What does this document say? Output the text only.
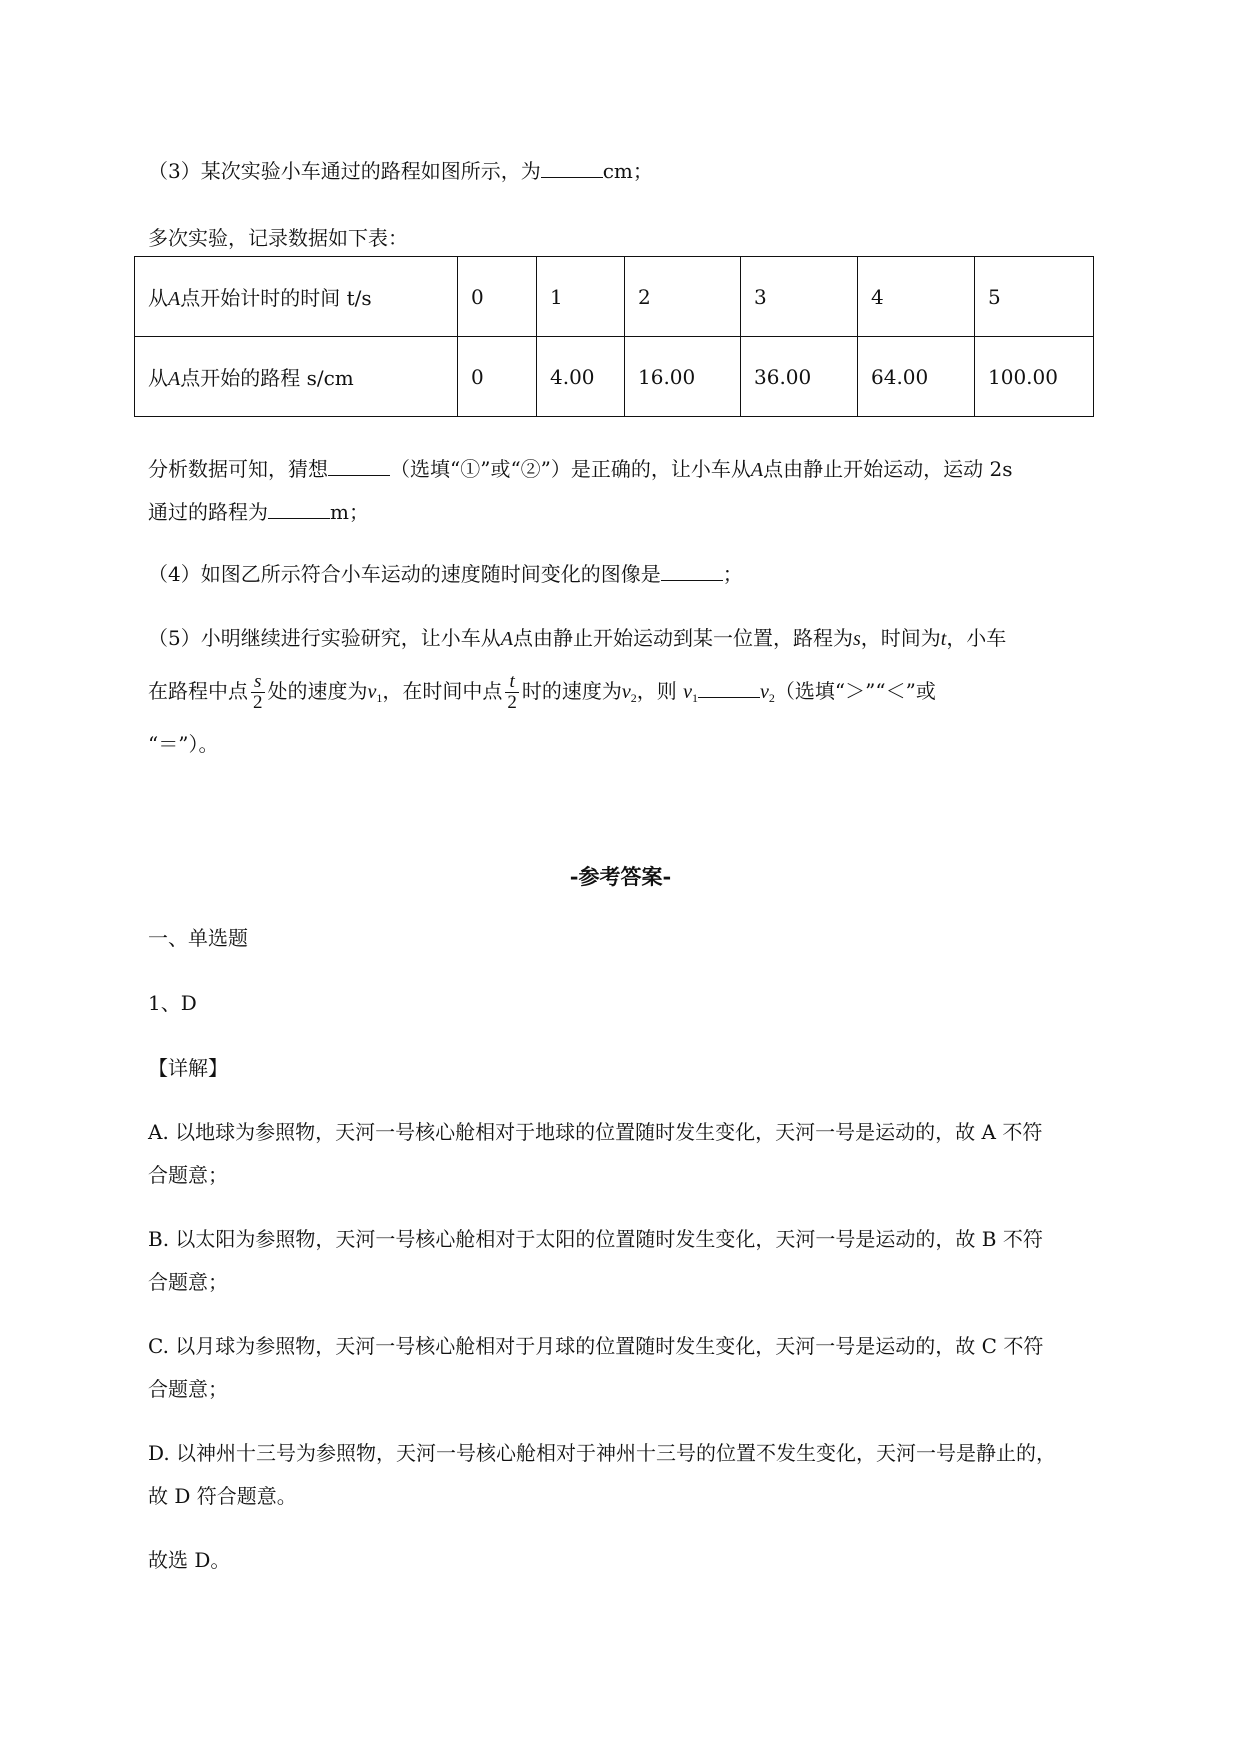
（3）某次实验小车通过的路程如图所示，为	cm；
多次实验，记录数据如下表：
从A点开始计时的时间 t/s	0	1	2	3	4	5
从A点开始的路程 s/cm	0	4.00	16.00	36.00	64.00	100.00
分析数据可知，猜想	（选填“①”或“②”）是正确的，让小车从A点由静止开始运动，运动 2s
通过的路程为	m；
（4）如图乙所示符合小车运动的速度随时间变化的图像是	；
（5）小明继续进行实验研究，让小车从A点由静止开始运动到某一位置，路程为s，时间为t，小车
在路程中点 $\frac{s}{2}$ 处的速度为$v_1$，在时间中点 $\frac{t}{2}$ 时的速度为$v_2$，则 $v_1$	$v_2$（选填“＞”“＜”或
“＝”）。
-参考答案-
一、单选题
1、D
【详解】
A. 以地球为参照物，天河一号核心舱相对于地球的位置随时发生变化，天河一号是运动的，故 A 不符
合题意；
B. 以太阳为参照物，天河一号核心舱相对于太阳的位置随时发生变化，天河一号是运动的，故 B 不符
合题意；
C. 以月球为参照物，天河一号核心舱相对于月球的位置随时发生变化，天河一号是运动的，故 C 不符
合题意；
D. 以神州十三号为参照物，天河一号核心舱相对于神州十三号的位置不发生变化，天河一号是静止的，
故 D 符合题意。
故选 D。
